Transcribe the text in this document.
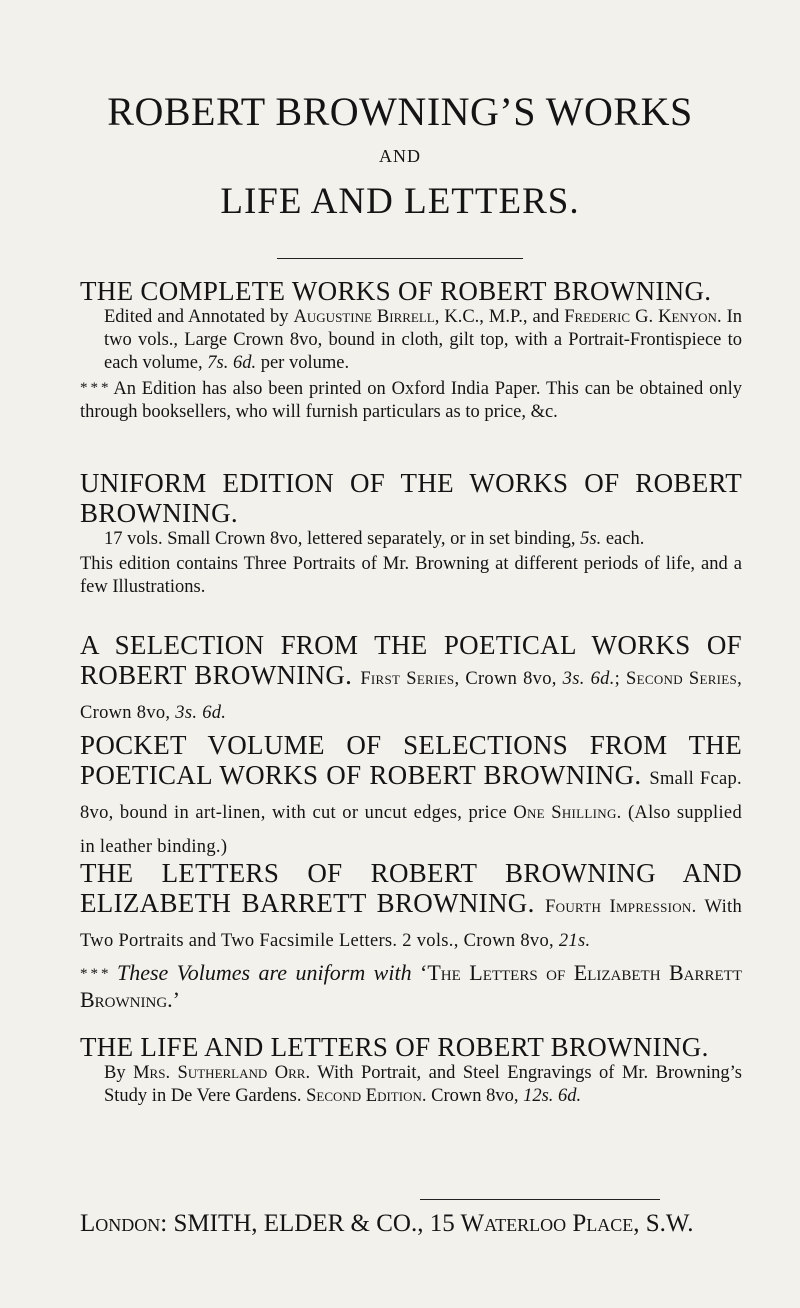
ROBERT BROWNING’S WORKS
AND
LIFE AND LETTERS.
THE COMPLETE WORKS OF ROBERT BROWNING.
Edited and Annotated by Augustine Birrell, K.C., M.P., and Frederic G. Kenyon. In two vols., Large Crown 8vo, bound in cloth, gilt top, with a Portrait-Frontispiece to each volume, 7s. 6d. per volume.
* * * An Edition has also been printed on Oxford India Paper. This can be obtained only through booksellers, who will furnish particulars as to price, &c.
UNIFORM EDITION OF THE WORKS OF ROBERT BROWNING.
17 vols. Small Crown 8vo, lettered separately, or in set binding, 5s. each.
This edition contains Three Portraits of Mr. Browning at different periods of life, and a few Illustrations.
A SELECTION FROM THE POETICAL WORKS OF ROBERT BROWNING. First Series, Crown 8vo, 3s. 6d.; Second Series, Crown 8vo, 3s. 6d.
POCKET VOLUME OF SELECTIONS FROM THE POETICAL WORKS OF ROBERT BROWNING. Small Fcap. 8vo, bound in art-linen, with cut or uncut edges, price One Shilling. (Also supplied in leather binding.)
THE LETTERS OF ROBERT BROWNING AND ELIZABETH BARRETT BROWNING. Fourth Impression. With Two Portraits and Two Facsimile Letters. 2 vols., Crown 8vo, 21s.
* * * These Volumes are uniform with ‘The Letters of Elizabeth Barrett Browning.’
THE LIFE AND LETTERS OF ROBERT BROWNING.
By Mrs. Sutherland Orr. With Portrait, and Steel Engravings of Mr. Browning’s Study in De Vere Gardens. Second Edition. Crown 8vo, 12s. 6d.
London: SMITH, ELDER & CO., 15 Waterloo Place, S.W.
